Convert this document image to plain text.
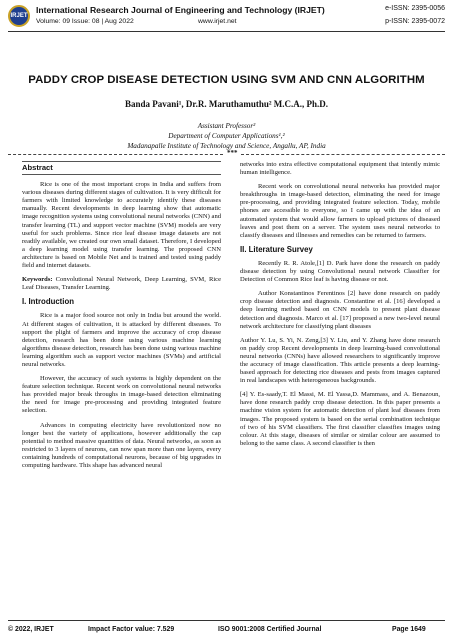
IRJET
International Research Journal of Engineering and Technology (IRJET)	e-ISSN: 2395-0056
Volume: 09 Issue: 08 | Aug 2022	www.irjet.net	p-ISSN: 2395-0072
PADDY CROP DISEASE DETECTION USING SVM AND CNN ALGORITHM
Banda Pavani¹, Dr.R. Maruthamuthu² M.C.A., Ph.D.
Assistant Professor²
Department of Computer Applications¹,²
Madanapalle Institute of Technology and Science, Angallu, AP, India
***
Abstract

Rice is one of the most important crops in India and suffers from various diseases during different stages of cultivation. It is very difficult for farmers with limited knowledge to accurately identify these diseases manually. Recent developments in deep learning show that automatic image recognition systems using convolutional neural networks (CNN) and transfer learning (TL) and support vector machine (SVM) models are very useful for such problems. Since rice leaf disease image datasets are not readily available, we created our own small dataset. Therefore, I developed a deep learning model using transfer learning. The proposed CNN architecture is based on Mobile Net and is trained and tested using paddy field and internet datasets.

Keywords: Convolutional Neural Network, Deep Learning, SVM, Rice Leaf Diseases, Transfer Learning.

I. Introduction

Rice is a major food source not only in India but around the world. At different stages of cultivation, it is attacked by different diseases. To support the plight of farmers and improve the accuracy of crop disease detection, research has been done using various machine learning algorithms disease detection, research has been done using various machine learning algorithm such as support vector machines (SVMs) and artificial neural networks.

However, the accuracy of such systems is highly dependent on the feature selection technique. Recent work on convolutional neural networks has provided major break throughs in image-based detection eliminating the need for image pre-processing and providing integrated feature selection.

Advances in computing electricity have revolutionized now no longer best the variety of applications, however additionally the cap potential to method massive quantities of data. Neural networks, as soon as restricted to 3 layers of neurons, can now span more than one layers, every containing hundreds of computational neurons, because of big upgrades in computing hardware. This shape has advanced neural

networks into extra effective computational equipment that intently mimic human intelligence.

Recent work on convolutional neural networks has provided major breakthroughs in image-based detection, eliminating the need for image pre-processing, and providing integrated feature selection. Today, mobile phones are accessible to everyone, so I came up with the idea of an automated system that would allow farmers to upload pictures of diseased leaves and post them on a server. The system uses neural networks to classify diseases and illnesses and remedies can be returned to farmers.

II. Literature Survey

Recently R. R. Atole,[1] D. Park have done the research on paddy disease detection by using Convolutional neural network Classifier for Detection of Common Rice leaf is having disease or not.

Author Konstantinos Ferentinos [2] have done research on paddy crop disease detection and diagnosis. Constantine et al. [16] developed a deep learning method based on CNN models to present plant disease detection and diagnosis. Marco et al. [17] proposed a new two-level neural network architecture for classifying plant diseases

Author Y. Lu, S. Yi, N. Zeng,[3] Y. Liu, and Y. Zhang have done research on paddy crop Recent developments in deep learning-based convolutional neural networks (CNNs) have allowed researchers to significantly improve the accuracy of image classification. This article presents a deep learning-based approach for detecting rice diseases and pests from images captured in real landscapes with heterogeneous backgrounds.

[4] Y. Es-saady,T. El Massi, M. El Yassa,D. Mammass, and A. Benazoun, have done research paddy crop disease detection. In this paper presents a machine vision system for automatic detection of plant leaf diseases from images. The proposed system is based on the serial combination technique of two of his SVM classifiers. The first classifier classifies images using colour. At this stage, diseases of similar or similar colour are assumed to belong to the same class. A second classifier is then

© 2022, IRJET	Impact Factor value: 7.529	ISO 9001:2008 Certified Journal	Page 1649
